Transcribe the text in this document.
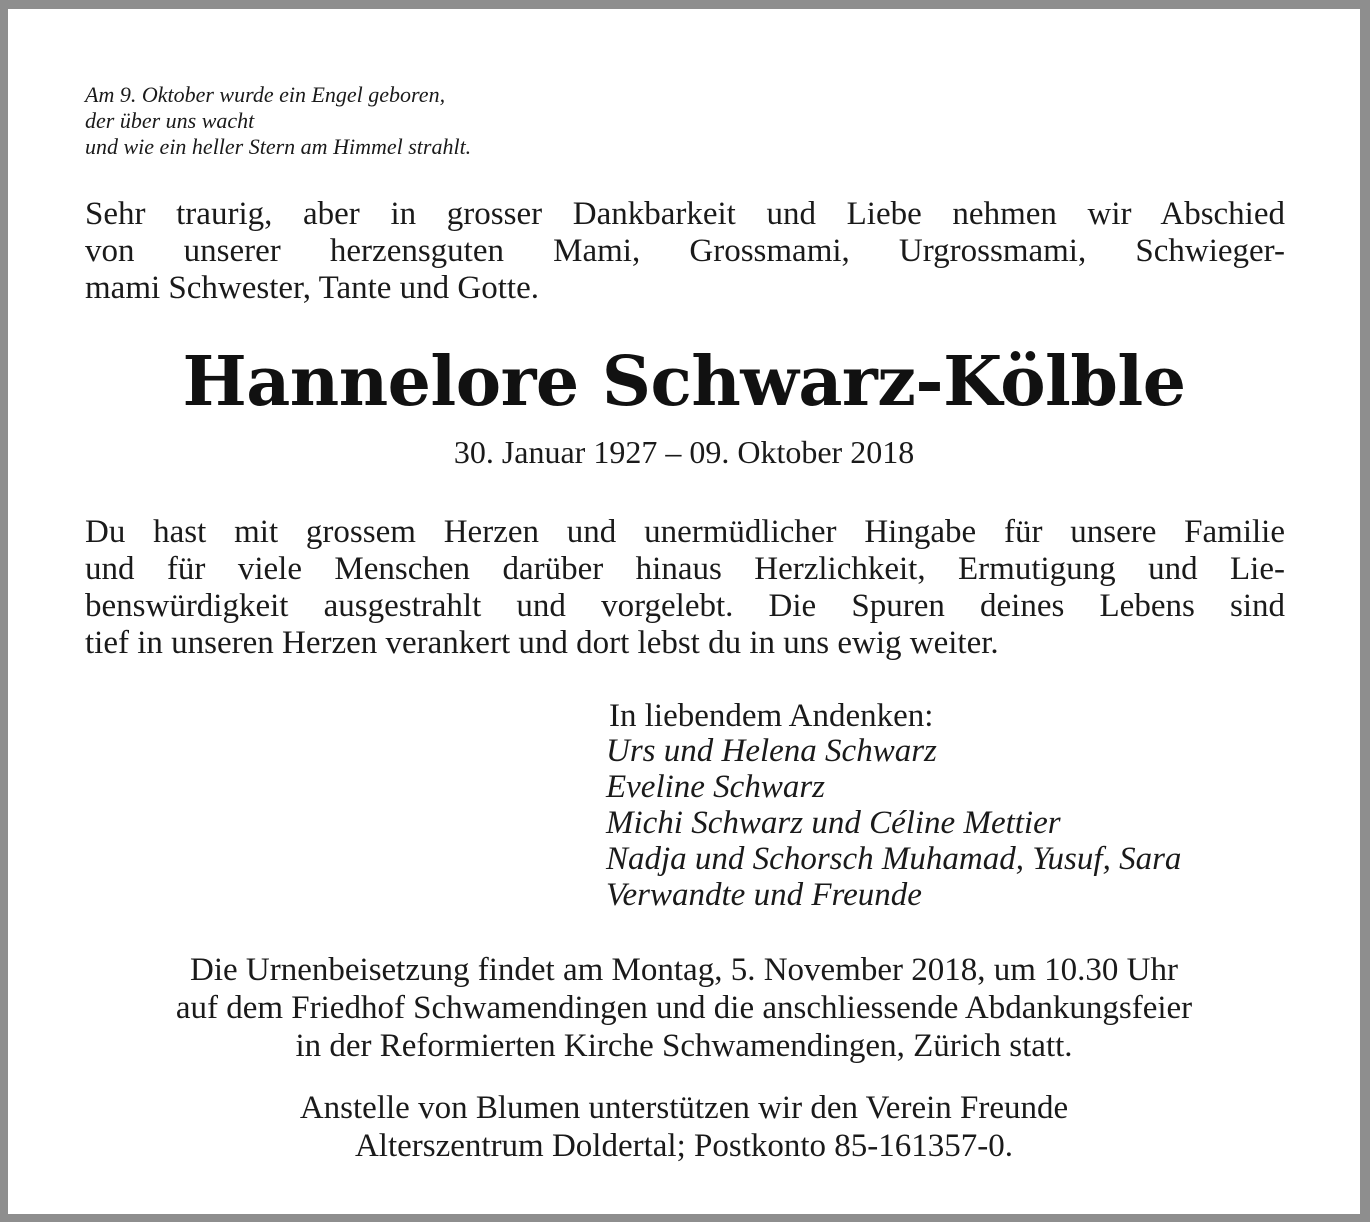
Am 9. Oktober wurde ein Engel geboren,
der über uns wacht
und wie ein heller Stern am Himmel strahlt.
Sehr traurig, aber in grosser Dankbarkeit und Liebe nehmen wir Abschied
von unserer herzensguten Mami, Grossmami, Urgrossmami, Schwieger-
mami Schwester, Tante und Gotte.
Hannelore Schwarz-Kölble
30. Januar 1927 – 09. Oktober 2018
Du hast mit grossem Herzen und unermüdlicher Hingabe für unsere Familie
und für viele Menschen darüber hinaus Herzlichkeit, Ermutigung und Lie-
benswürdigkeit ausgestrahlt und vorgelebt. Die Spuren deines Lebens sind
tief in unseren Herzen verankert und dort lebst du in uns ewig weiter.
In liebendem Andenken:
Urs und Helena Schwarz
Eveline Schwarz
Michi Schwarz und Céline Mettier
Nadja und Schorsch Muhamad, Yusuf, Sara
Verwandte und Freunde
Die Urnenbeisetzung findet am Montag, 5. November 2018, um 10.30 Uhr
auf dem Friedhof Schwamendingen und die anschliessende Abdankungsfeier
in der Reformierten Kirche Schwamendingen, Zürich statt.
Anstelle von Blumen unterstützen wir den Verein Freunde
Alterszentrum Doldertal; Postkonto 85-161357-0.
